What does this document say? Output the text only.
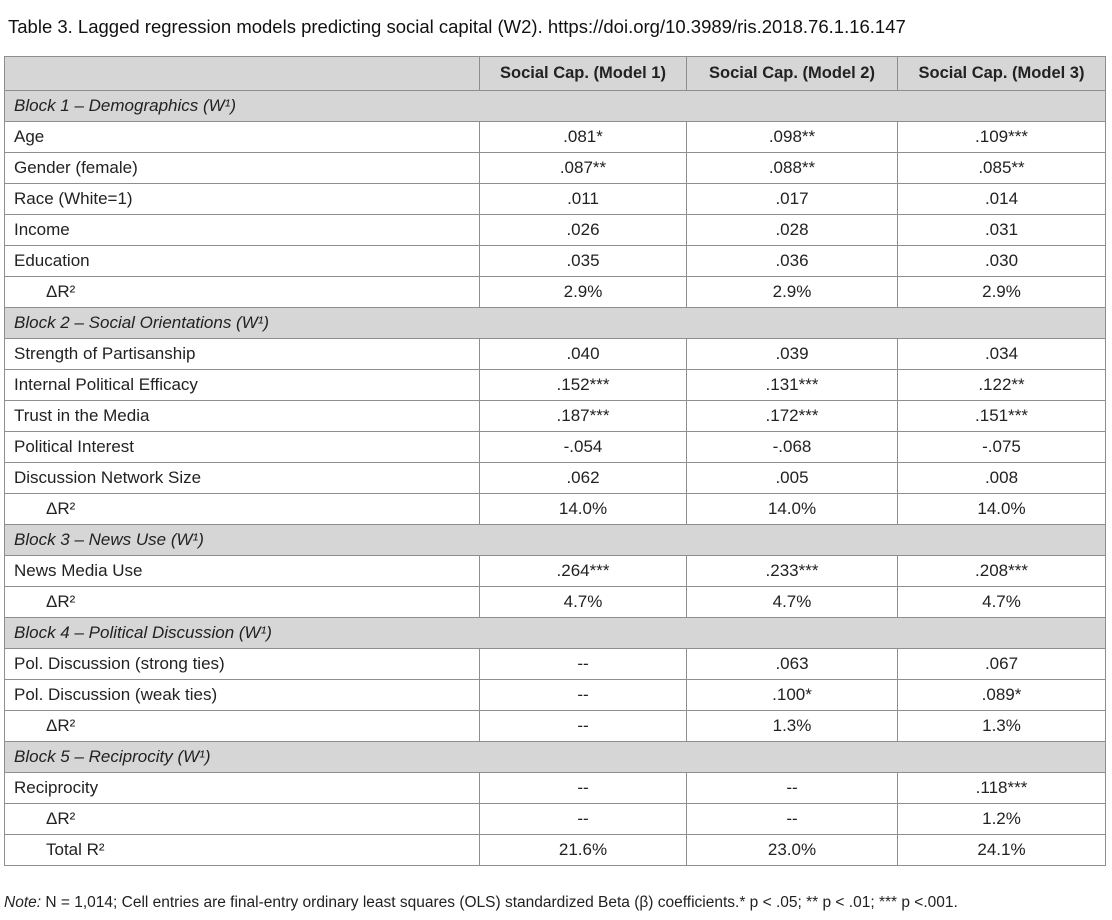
Table 3. Lagged regression models predicting social capital (W2). https://doi.org/10.3989/ris.2018.76.1.16.147
	Social Cap. (Model 1)	Social Cap. (Model 2)	Social Cap. (Model 3)
Block 1 – Demographics (W¹)			
Age	.081*	.098**	.109***
Gender (female)	.087**	.088**	.085**
Race (White=1)	.011	.017	.014
Income	.026	.028	.031
Education	.035	.036	.030
ΔR²	2.9%	2.9%	2.9%
Block 2 – Social Orientations (W¹)			
Strength of Partisanship	.040	.039	.034
Internal Political Efficacy	.152***	.131***	.122**
Trust in the Media	.187***	.172***	.151***
Political Interest	-.054	-.068	-.075
Discussion Network Size	.062	.005	.008
ΔR²	14.0%	14.0%	14.0%
Block 3 – News Use (W¹)			
News Media Use	.264***	.233***	.208***
ΔR²	4.7%	4.7%	4.7%
Block 4 – Political Discussion (W¹)			
Pol. Discussion (strong ties)	--	.063	.067
Pol. Discussion (weak ties)	--	.100*	.089*
ΔR²	--	1.3%	1.3%
Block 5 – Reciprocity (W¹)			
Reciprocity	--	--	.118***
ΔR²	--	--	1.2%
Total R²	21.6%	23.0%	24.1%
Note: N = 1,014; Cell entries are final-entry ordinary least squares (OLS) standardized Beta (β) coefficients.* p < .05; ** p < .01; *** p <.001.
